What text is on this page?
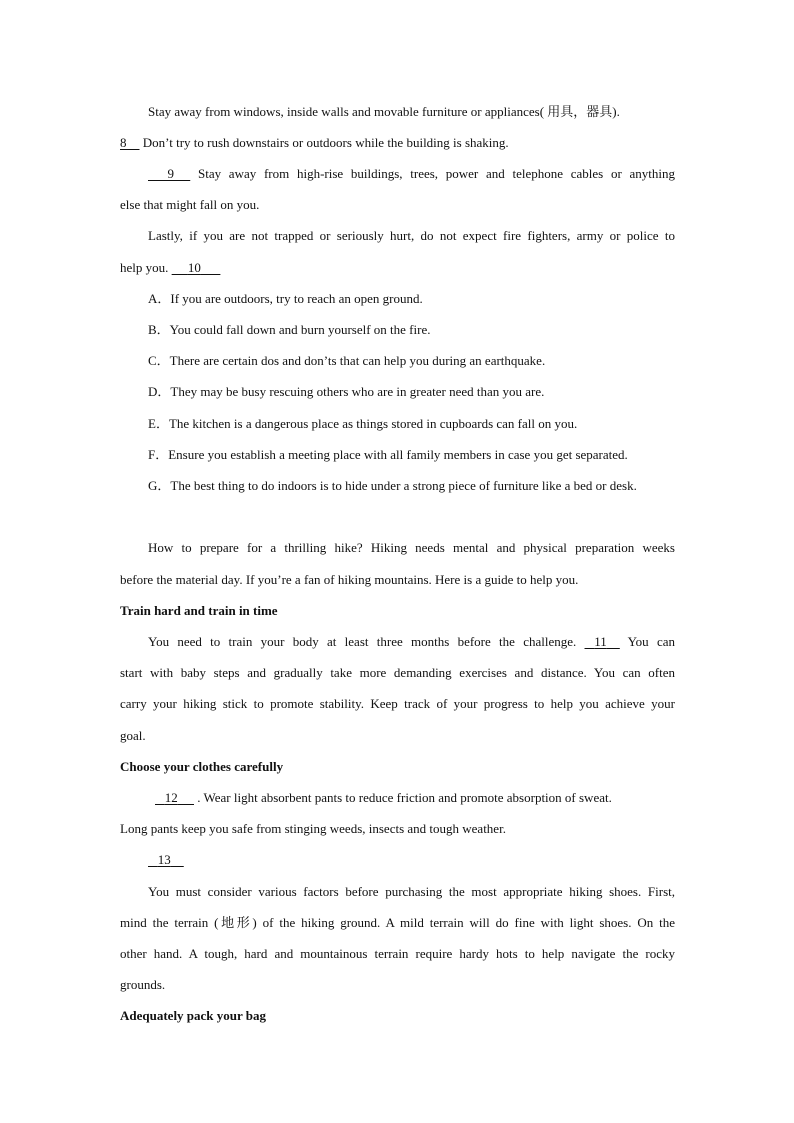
Stay away from windows, inside walls and movable furniture or appliances( 用具，器具).
8     Don’t try to rush downstairs or outdoors while the building is shaking.
9      Stay away from high-rise buildings, trees, power and telephone cables or anything
else that might fall on you.
Lastly, if you are not trapped or seriously hurt, do not expect fire fighters, army or police to
help you.      10
A．If you are outdoors, try to reach an open ground.
B．You could fall down and burn yourself on the fire.
C．There are certain dos and don’ts that can help you during an earthquake.
D．They may be busy rescuing others who are in greater need than you are.
E．The kitchen is a dangerous place as things stored in cupboards can fall on you.
F．Ensure you establish a meeting place with all family members in case you get separated.
G．The best thing to do indoors is to hide under a strong piece of furniture like a bed or desk.
How to prepare for a thrilling hike? Hiking needs mental and physical preparation weeks
before the material day. If you’re a fan of hiking mountains. Here is a guide to help you.
Train hard and train in time
You need to train your body at least three months before the challenge.    11     You can
start with baby steps and gradually take more demanding exercises and distance. You can often
carry your hiking stick to promote stability. Keep track of your progress to help you achieve your
goal.
Choose your clothes carefully
12      . Wear light absorbent pants to reduce friction and promote absorption of sweat.
Long pants keep you safe from stinging weeds, insects and tough weather.
13
You must consider various factors before purchasing the most appropriate hiking shoes. First,
mind the terrain (地形) of the hiking ground. A mild terrain will do fine with light shoes. On the
other hand. A tough, hard and mountainous terrain require hardy hots to help navigate the rocky
grounds.
Adequately pack your bag
